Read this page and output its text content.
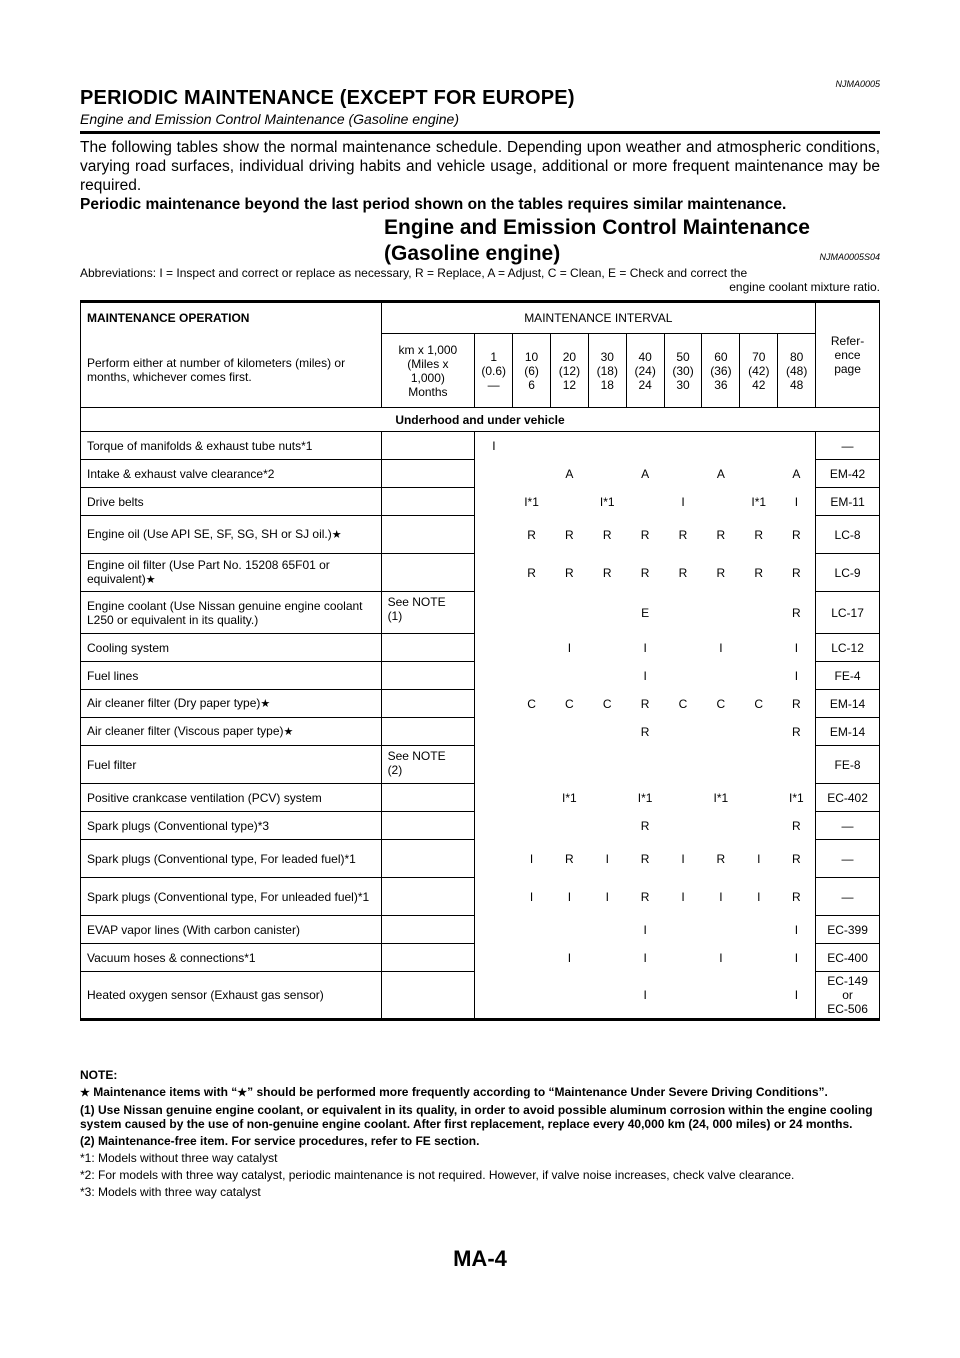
NJMA0005
PERIODIC MAINTENANCE (EXCEPT FOR EUROPE)
Engine and Emission Control Maintenance (Gasoline engine)
The following tables show the normal maintenance schedule. Depending upon weather and atmospheric conditions, varying road surfaces, individual driving habits and vehicle usage, additional or more frequent maintenance may be required.
Periodic maintenance beyond the last period shown on the tables requires similar maintenance.
Engine and Emission Control Maintenance
(Gasoline engine)	NJMA0005S04
Abbreviations: I = Inspect and correct or replace as necessary, R = Replace, A = Adjust, C = Clean, E = Check and correct the
engine coolant mixture ratio.
MAINTENANCE OPERATION	MAINTENANCE INTERVAL										Refer-
ence
page
Perform either at number of kilometers (miles) or months, whichever comes first.	km x 1,000
(Miles x
1,000)
Months	1
(0.6)
—	10
(6)
6	20
(12)
12	30
(18)
18	40
(24)
24	50
(30)
30	60
(36)
36	70
(42)
42	80
(48)
48	
Underhood and under vehicle											
Torque of manifolds & exhaust tube nuts*1		I									—
Intake & exhaust valve clearance*2				A		A		A		A	EM-42
Drive belts			I*1		I*1		I		I*1	I	EM-11
Engine oil (Use API SE, SF, SG, SH or SJ oil.)★			R	R	R	R	R	R	R	R	LC-8
Engine oil filter (Use Part No. 15208 65F01 or equivalent)★			R	R	R	R	R	R	R	R	LC-9
Engine coolant (Use Nissan genuine engine coolant L250 or equivalent in its quality.)	See NOTE
(1)					E				R	LC-17
Cooling system				I		I		I		I	LC-12
Fuel lines						I				I	FE-4
Air cleaner filter (Dry paper type)★			C	C	C	R	C	C	C	R	EM-14
Air cleaner filter (Viscous paper type)★						R				R	EM-14
Fuel filter	See NOTE
(2)										FE-8
Positive crankcase ventilation (PCV) system				I*1		I*1		I*1		I*1	EC-402
Spark plugs (Conventional type)*3						R				R	—
Spark plugs (Conventional type, For leaded fuel)*1			I	R	I	R	I	R	I	R	—
Spark plugs (Conventional type, For unleaded fuel)*1			I	I	I	R	I	I	I	R	—
EVAP vapor lines (With carbon canister)						I				I	EC-399
Vacuum hoses & connections*1				I		I		I		I	EC-400
Heated oxygen sensor (Exhaust gas sensor)						I				I	EC-149
or
EC-506

NOTE:

★ Maintenance items with “★” should be performed more frequently according to “Maintenance Under Severe Driving Conditions”.

(1) Use Nissan genuine engine coolant, or equivalent in its quality, in order to avoid possible aluminum corrosion within the engine cooling system caused by the use of non-genuine engine coolant. After first replacement, replace every 40,000 km (24, 000 miles) or 24 months.

(2) Maintenance-free item. For service procedures, refer to FE section.

*1: Models without three way catalyst

*2: For models with three way catalyst, periodic maintenance is not required. However, if valve noise increases, check valve clearance.

*3: Models with three way catalyst

MA-4
